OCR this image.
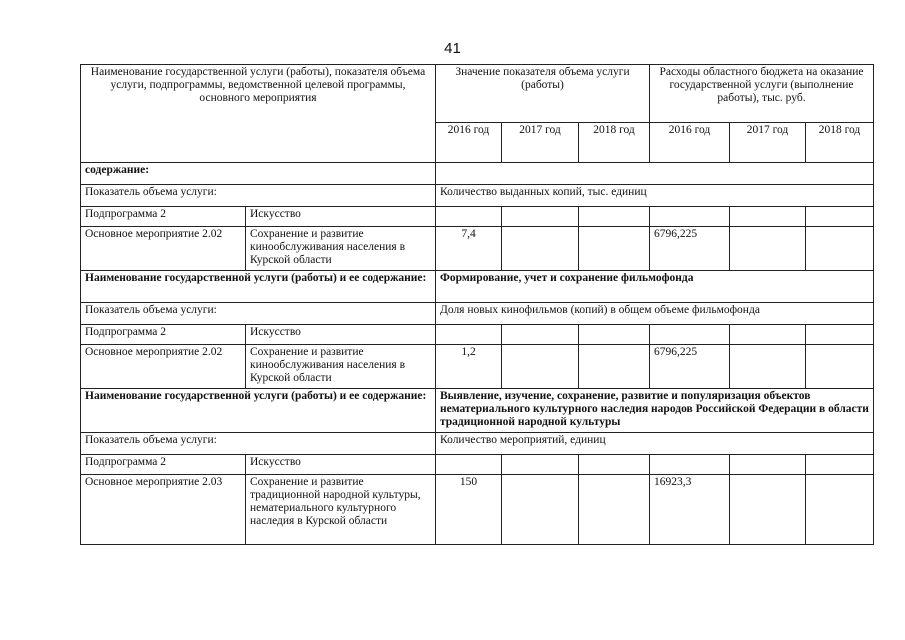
41
Наименование государственной услуги (работы), показателя объема услуги, подпрограммы, ведомственной целевой программы, основного мероприятия		Значение показателя объема услуги (работы)			Расходы областного бюджета на оказание государственной услуги (выполнение работы), тыс. руб.		
		2016 год	2017 год	2018 год	2016 год	2017 год	2018 год
содержание:							
Показатель объема услуги:		Количество выданных копий, тыс. единиц					
Подпрограмма 2	Искусство						
Основное мероприятие 2.02	Сохранение и развитие кинообслуживания населения в Курской области	7,4			6796,225		
Наименование государственной услуги (работы) и ее содержание:		Формирование, учет и сохранение фильмофонда					
Показатель объема услуги:		Доля новых кинофильмов (копий) в общем объеме фильмофонда					
Подпрограмма 2	Искусство						
Основное мероприятие 2.02	Сохранение и развитие кинообслуживания населения в Курской области	1,2			6796,225		
Наименование государственной услуги (работы) и ее содержание:		Выявление, изучение, сохранение, развитие и популяризация объектов нематериального культурного наследия народов Российской Федерации в области традиционной народной культуры					
Показатель объема услуги:		Количество мероприятий, единиц					
Подпрограмма 2	Искусство						
Основное мероприятие 2.03	Сохранение и развитие традиционной народной культуры, нематериального культурного наследия в Курской области	150			16923,3		
